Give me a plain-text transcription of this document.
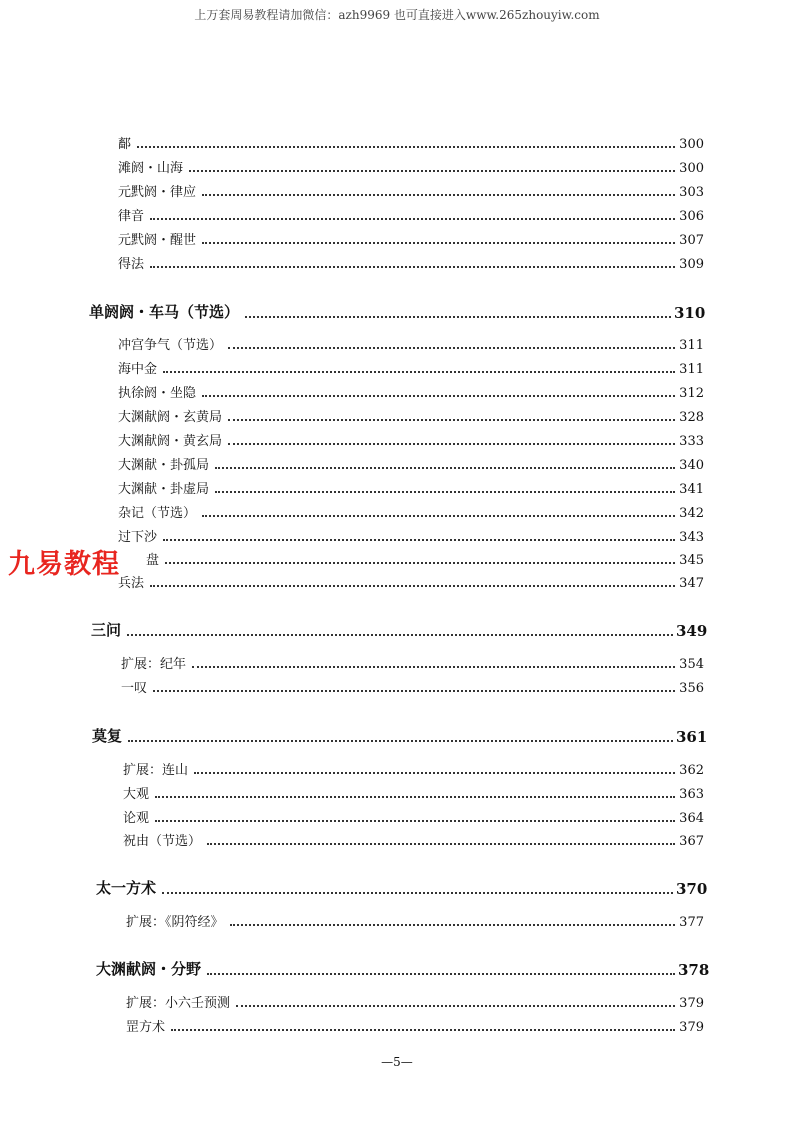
上万套周易教程请加微信：azh9969 也可直接进入www.265zhouyiw.com
鄐	300
滩阏・山海	300
元黓阏・律应	303
律音	306
元黓阏・醒世	307
得法	309
单阏阏・车马（节选）	310
冲宫争气（节选）	311
海中金	311
执徐阏・坐隐	312
大渊献阏・玄黄局	328
大渊献阏・黄玄局	333
大渊献・卦孤局	340
大渊献・卦虚局	341
杂记（节选）	342
过下沙	343
盘	345
兵法	347
三问	349
扩展：纪年	354
一叹	356
莫复	361
扩展：连山	362
大观	363
论观	364
祝由（节选）	367
太一方术	370
扩展：《阴符经》	377
大渊献阏・分野	378
扩展：小六壬预测	379
罡方术	379
九易教程
—5—
